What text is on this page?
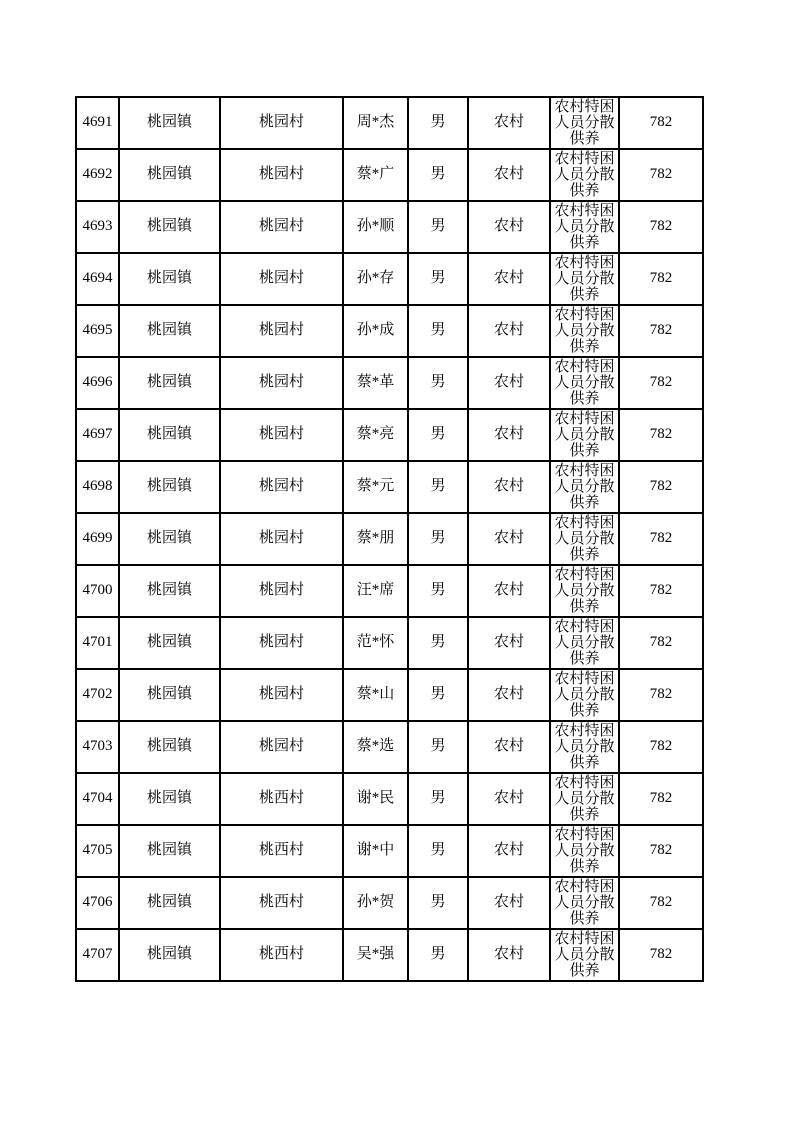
4691	桃园镇	桃园村	周*杰	男	农村	农村特困人员分散供养	782
4692	桃园镇	桃园村	蔡*广	男	农村	农村特困人员分散供养	782
4693	桃园镇	桃园村	孙*顺	男	农村	农村特困人员分散供养	782
4694	桃园镇	桃园村	孙*存	男	农村	农村特困人员分散供养	782
4695	桃园镇	桃园村	孙*成	男	农村	农村特困人员分散供养	782
4696	桃园镇	桃园村	蔡*革	男	农村	农村特困人员分散供养	782
4697	桃园镇	桃园村	蔡*亮	男	农村	农村特困人员分散供养	782
4698	桃园镇	桃园村	蔡*元	男	农村	农村特困人员分散供养	782
4699	桃园镇	桃园村	蔡*朋	男	农村	农村特困人员分散供养	782
4700	桃园镇	桃园村	汪*席	男	农村	农村特困人员分散供养	782
4701	桃园镇	桃园村	范*怀	男	农村	农村特困人员分散供养	782
4702	桃园镇	桃园村	蔡*山	男	农村	农村特困人员分散供养	782
4703	桃园镇	桃园村	蔡*选	男	农村	农村特困人员分散供养	782
4704	桃园镇	桃西村	谢*民	男	农村	农村特困人员分散供养	782
4705	桃园镇	桃西村	谢*中	男	农村	农村特困人员分散供养	782
4706	桃园镇	桃西村	孙*贺	男	农村	农村特困人员分散供养	782
4707	桃园镇	桃西村	吴*强	男	农村	农村特困人员分散供养	782
